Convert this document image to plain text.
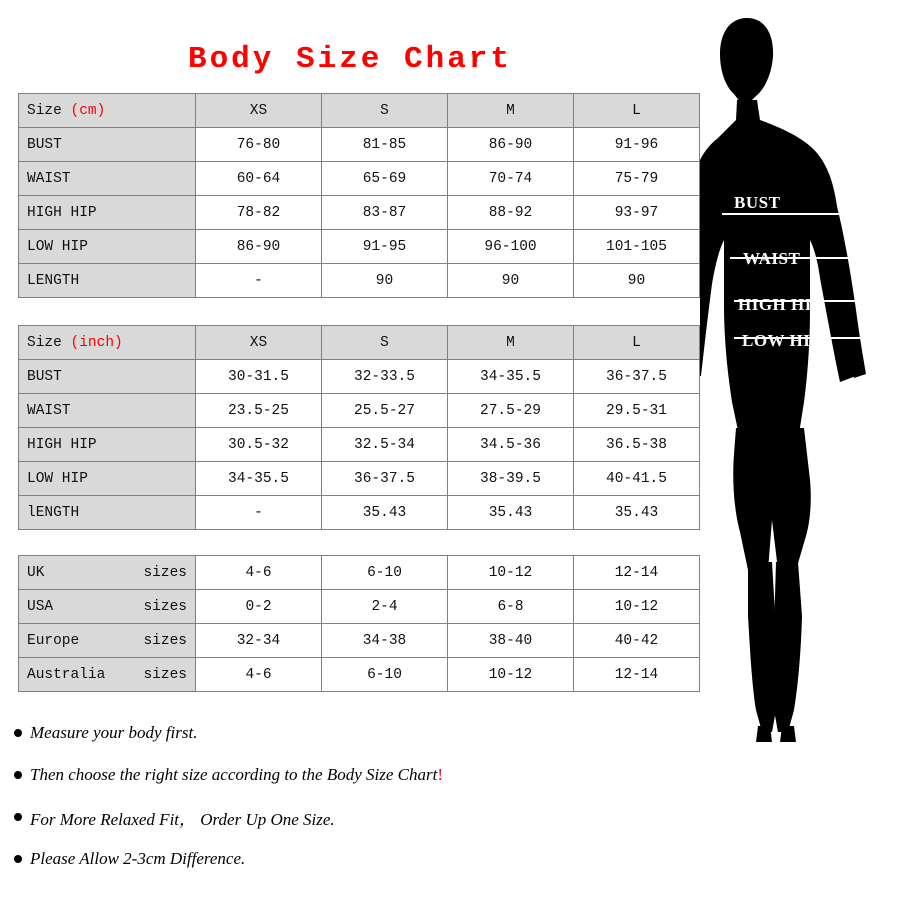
Body Size Chart
Size (cm)	XS	S	M	L
BUST	76-80	81-85	86-90	91-96
WAIST	60-64	65-69	70-74	75-79
HIGH HIP	78-82	83-87	88-92	93-97
LOW HIP	86-90	91-95	96-100	101-105
LENGTH	-	90	90	90
Size (inch)	XS	S	M	L
BUST	30-31.5	32-33.5	34-35.5	36-37.5
WAIST	23.5-25	25.5-27	27.5-29	29.5-31
HIGH HIP	30.5-32	32.5-34	34.5-36	36.5-38
LOW HIP	34-35.5	36-37.5	38-39.5	40-41.5
lENGTH	-	35.43	35.43	35.43
UK sizes	4-6	6-10	10-12	12-14

USA sizes	0-2	2-4	6-8	10-12

Europe sizes	32-34	34-38	38-40	40-42

Australia sizes	4-6	6-10	10-12	12-14
Measure your body first.
Then choose the right size according to the Body Size Chart !
For More Relaxed Fit， Order Up One Size.
Please Allow 2-3cm Difference.
BUST
WAIST
HIGH HIP
LOW HIP
